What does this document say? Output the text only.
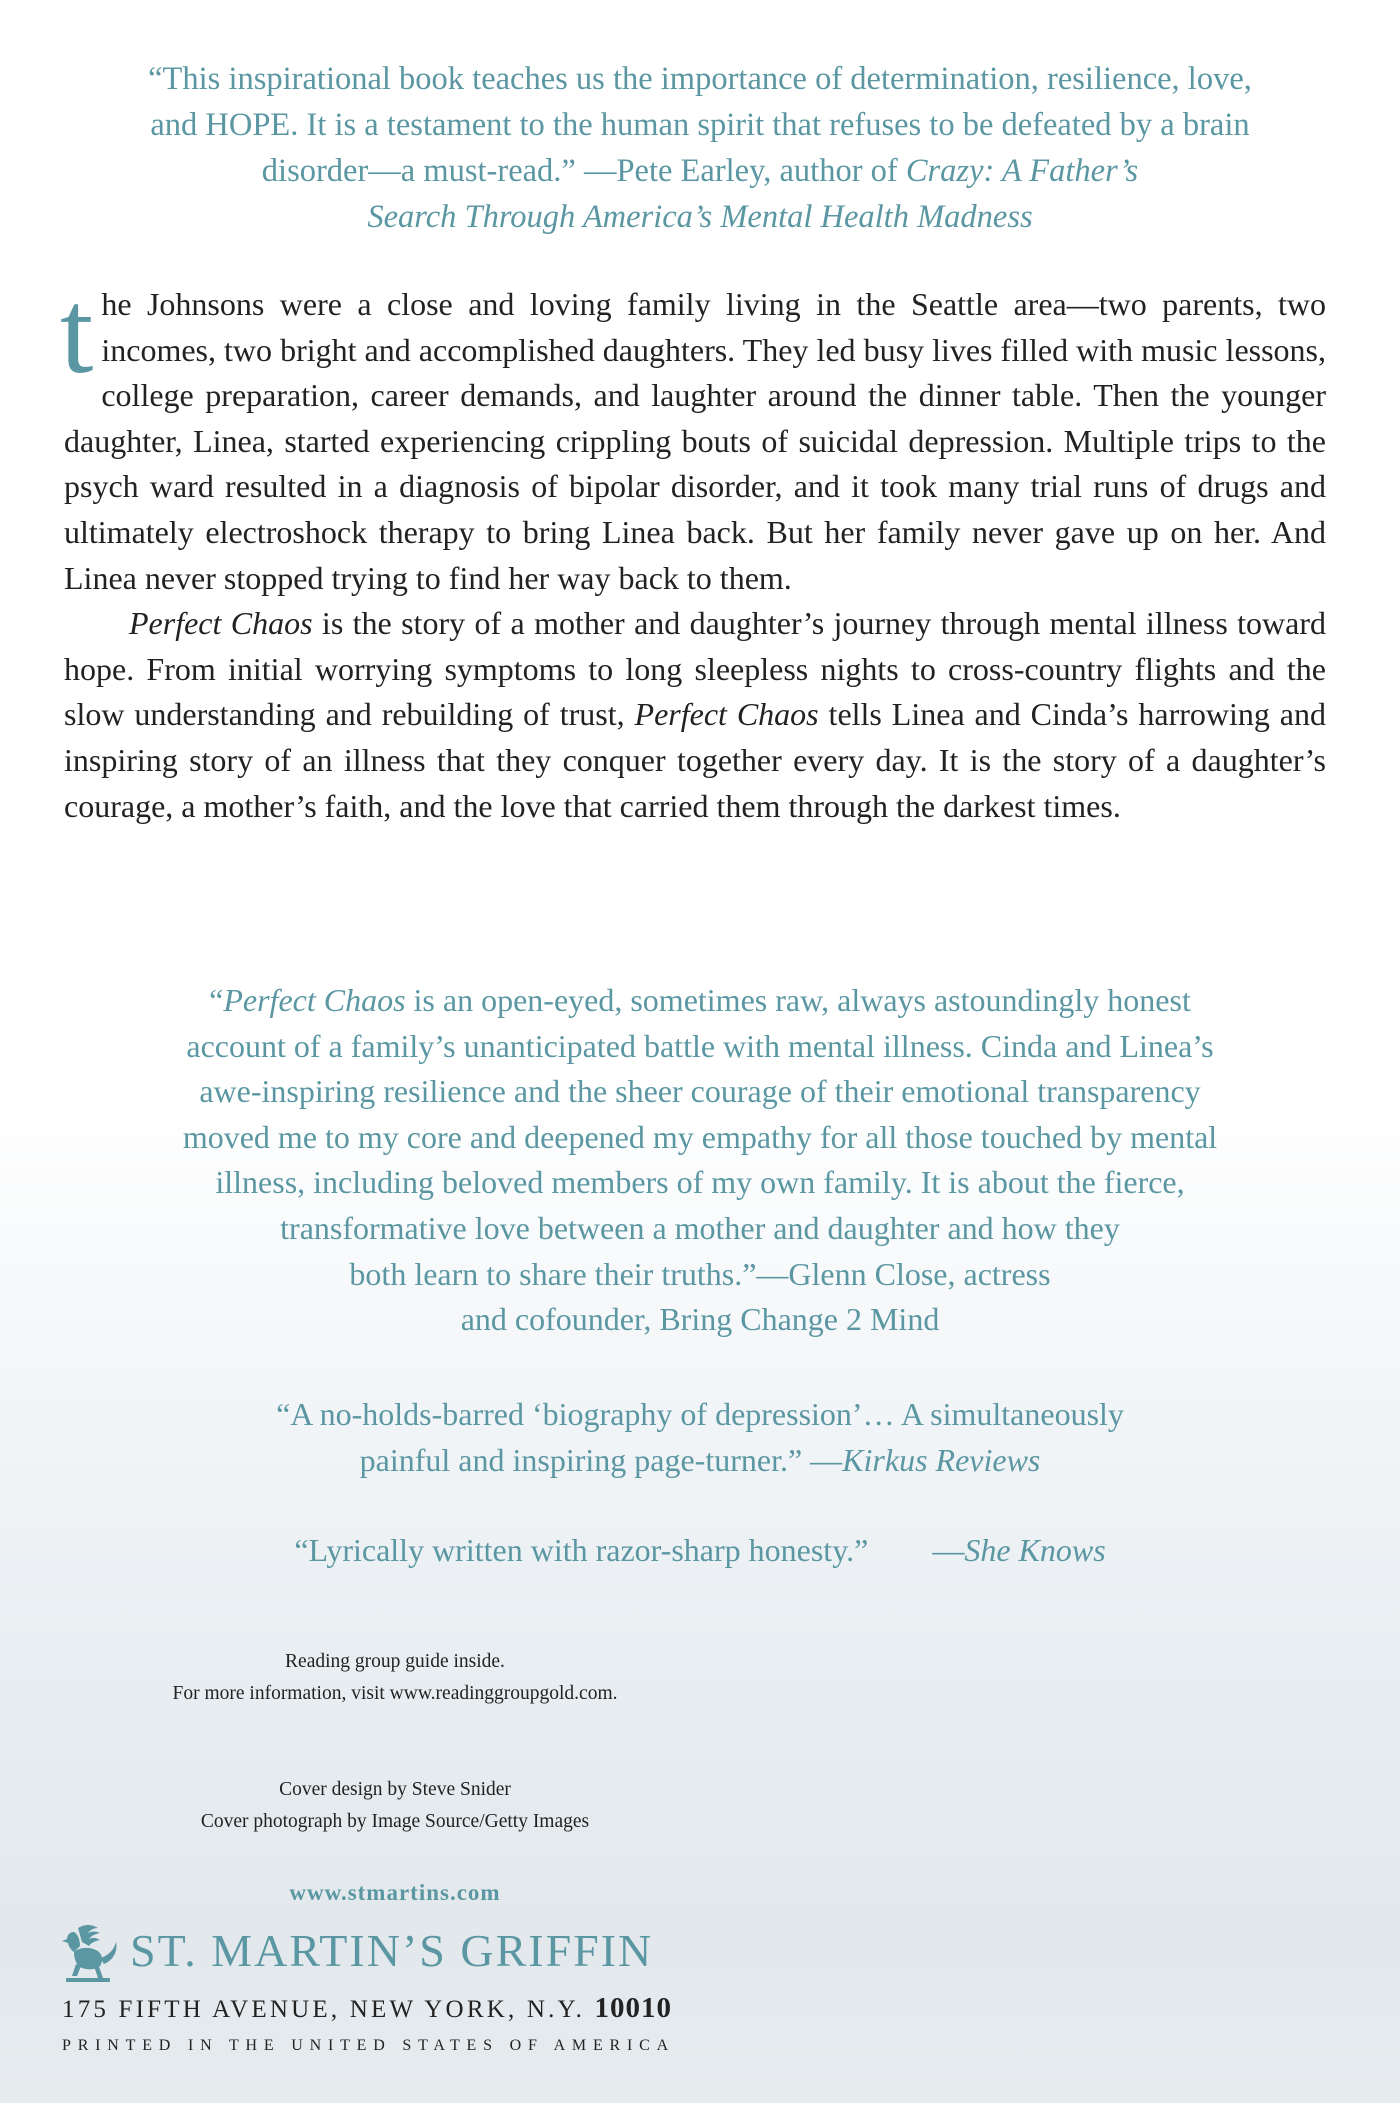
“This inspirational book teaches us the importance of determination, resilience, love,

and HOPE. It is a testament to the human spirit that refuses to be defeated by a brain

disorder—a must-read.” —Pete Earley, author of Crazy: A Father’s

Search Through America’s Mental Health Madness

the Johnsons were a close and loving family living in the Seattle area—two parents, two incomes, two bright and accomplished daughters. They led busy lives filled with music lessons, college preparation, career demands, and laughter around the dinner table. Then the younger daughter, Linea, started experiencing crippling bouts of suicidal depression. Multiple trips to the psych ward resulted in a diagnosis of bipolar disorder, and it took many trial runs of drugs and ultimately electroshock therapy to bring Linea back. But her family never gave up on her. And Linea never stopped trying to find her way back to them.

Perfect Chaos is the story of a mother and daughter’s journey through mental illness toward hope. From initial worrying symptoms to long sleepless nights to cross-country flights and the slow understanding and rebuilding of trust, Perfect Chaos tells Linea and Cinda’s harrowing and inspiring story of an illness that they conquer together every day. It is the story of a daughter’s courage, a mother’s faith, and the love that carried them through the darkest times.

“Perfect Chaos is an open-eyed, sometimes raw, always astoundingly honest

account of a family’s unanticipated battle with mental illness. Cinda and Linea’s

awe-inspiring resilience and the sheer courage of their emotional transparency

moved me to my core and deepened my empathy for all those touched by mental

illness, including beloved members of my own family. It is about the fierce,

transformative love between a mother and daughter and how they

both learn to share their truths.”—Glenn Close, actress

and cofounder, Bring Change 2 Mind

“A no-holds-barred ‘biography of depression’… A simultaneously

painful and inspiring page-turner.” —Kirkus Reviews

“Lyrically written with razor-sharp honesty.”  —She Knows

Reading group guide inside.

For more information, visit www.readinggroupgold.com.

Cover design by Steve Snider

Cover photograph by Image Source/Getty Images

www.stmartins.com
ST. MARTIN’S GRIFFIN
175 FIFTH AVENUE, NEW YORK, N.Y. 10010
PRINTED IN THE UNITED STATES OF AMERICA
